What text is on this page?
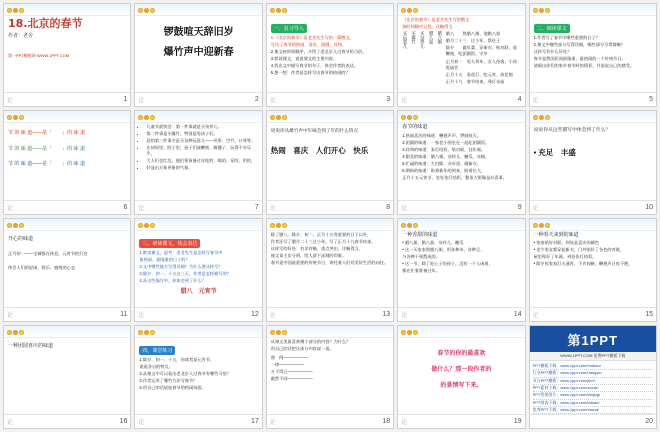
18.北京的春节
作者：老舍
第一PPT模板网 WWW.1PPT.COM
论	1
锣鼓喧天辞旧岁
爆竹声中迎新春
论	2
一、复习导入

1.《北京的春节》是老舍先生写的一篇散文，

写出了春节的热闹、喜庆、团圆、祥和。

2.课文按时间顺序，介绍了老北京人过春节的习俗。

3.默读课文，说说课文的主要内容。

4.找出文中描写春节的句子，体会作者的表达。

5.想一想：作者是怎样写出春节的热闹的？

论	3

《北京的春节》是老舍先生写的散文

按时间顺序记叙，详略得当

腊八粥
腊八蒜
买杂拌儿
买爆竹
买玩意儿	腊八　　熬腊八粥、泡腊八蒜

腊月二十三　过小年、祭灶王

除夕　　做年菜、穿新衣、贴对联、放鞭炮、吃团圆饭、守岁

正月初一　男人拜年、女人待客、小孩逛庙会

正月十五　看花灯、吃元宵、放花炮

正月十九　春节结束，残灯末庙

论	4
二、细读课文

1.作者写了春节中哪些重要的日子？

2.课文中哪些部分写得详细，哪些部分写得简略？

这样写有什么好处？

春节是我国民间最隆重、最热闹的一个传统节日。

请画出你们的家乡春节时的情景，并说说自己的感受。

论	5

节 的 味 道——是「　　」的 味 道

节 的 味 道——是「　　」的 味 道

节 的 味 道——是「　　」的 味 道

论	6
• 儿童节最快活：第一件事就是买杂拌儿。
• 第二件事是买爆竹，特别是男孩子们。
• 恐怕第三件事才是买各种玩意儿——风筝、空竹、口琴等。
• 在胡同里、院子里，孩子们放鞭炮、踢毽子、玩得不亦乐乎。
• 大人们也忙乱，他们须预备过年吃的、喝的、穿的、用的，
• 好显出万象更新的气象。
论	7

说说你从爆竹声中年味会到了年的什么特点

热闹　喜庆　人们开心　快乐

论	8

春节的味道

1.热闹喜庆的味道：鞭炮声声，锣鼓喧天。

2.团圆的味道：一家老小围坐在一起吃团圆饭。

3.祥和的味道：张灯结彩，贴对联，挂年画。

4.甜美的味道：腊八粥、杂拌儿、糖瓜、年糕。

5.忙碌的味道：大扫除、办年货、做新衣。

6.期盼的味道：盼着新年的到来，盼着长大。

正月十五元宵节，处处张灯结彩，整条大街像是办喜事。

论	9

说说你从这些描写中体会到了什么？

• 充足　丰盛

论	10

开心的味道

正月初一——全城都在休息，元宵节的灯会

体会人们的轻闲、娱乐、愉悦的心态

论	11
三、研读课文，体会表达

1.默读课文，思考：老舍先生是怎样写春节中

最热闹、最隆重的日子的？

2.文中哪些地方写得详细？为什么要这样写？

3.除夕、初一、十五这三天，作者是怎样描写的？

4.从这些描写中，你体会到了什么？

腊八　元宵节

论	12

除了腊八、除夕、初一、正月十五等重要的日子以外，

作者还写了腊月二十三过小年，写了正月十九春节结束。

这样写的好处：有详有略，重点突出，详略得当，

使文章主次分明，给人留下深刻的印象。

春节是中国最重要的传统节日，寄托着人们对美好生活的向往。

论	13

一种香甜的味道

• 腊八粥、腊八蒜、杂拌儿、糖瓜

• 这一天家家熬腊八粥，用各种米、各种豆、

与各种干果熬成的。

• 这一节，除了吃心子的孩子，没有一个人闲着，

都在忙着准备过年。

论	14

一种春天来到的味道

• 家家贴好对联，到处是喜庆的颜色

• 老少男女都穿起新衣，门外贴好了各色的对联，

屋里贴好了年画，到处张灯结彩。

• 除夕夜家家灯火通宵，不许间断，鞭炮声日夜不绝。

论	15

一种团圆喜庆的味道

论	16
四、课堂练习

1.除夕、初一、十五，你或者是元宵节，

说说各自的特点。

2.从课文中可以看出老北京人过春节有哪些习俗？

3.作者运用了哪些方法写春节？

4.用自己的话说说春节的热闹场面。

论	17

从课文里最喜欢哪个部分的内容？为什么？

用自己的话把这部分内容说一说。

照　例——————

一律——————

万不得已——————

截然不同——————

论	18

春节的你的最喜欢

做什么？那一段作者的

的景情写下来。

论	19
第1PPT
WWW.1PPT.COM 免费PPT模板下载
PPT模板下载：www.1ppt.com/moban/
行业PPT模板：www.1ppt.com/hangye/
节日PPT模板：www.1ppt.com/jieri/
PPT素材下载：www.1ppt.com/sucai/
PPT背景图片：www.1ppt.com/beijing/
PPT图表下载：www.1ppt.com/tubiao/
优秀PPT下载：www.1ppt.com/xiazai/
20
